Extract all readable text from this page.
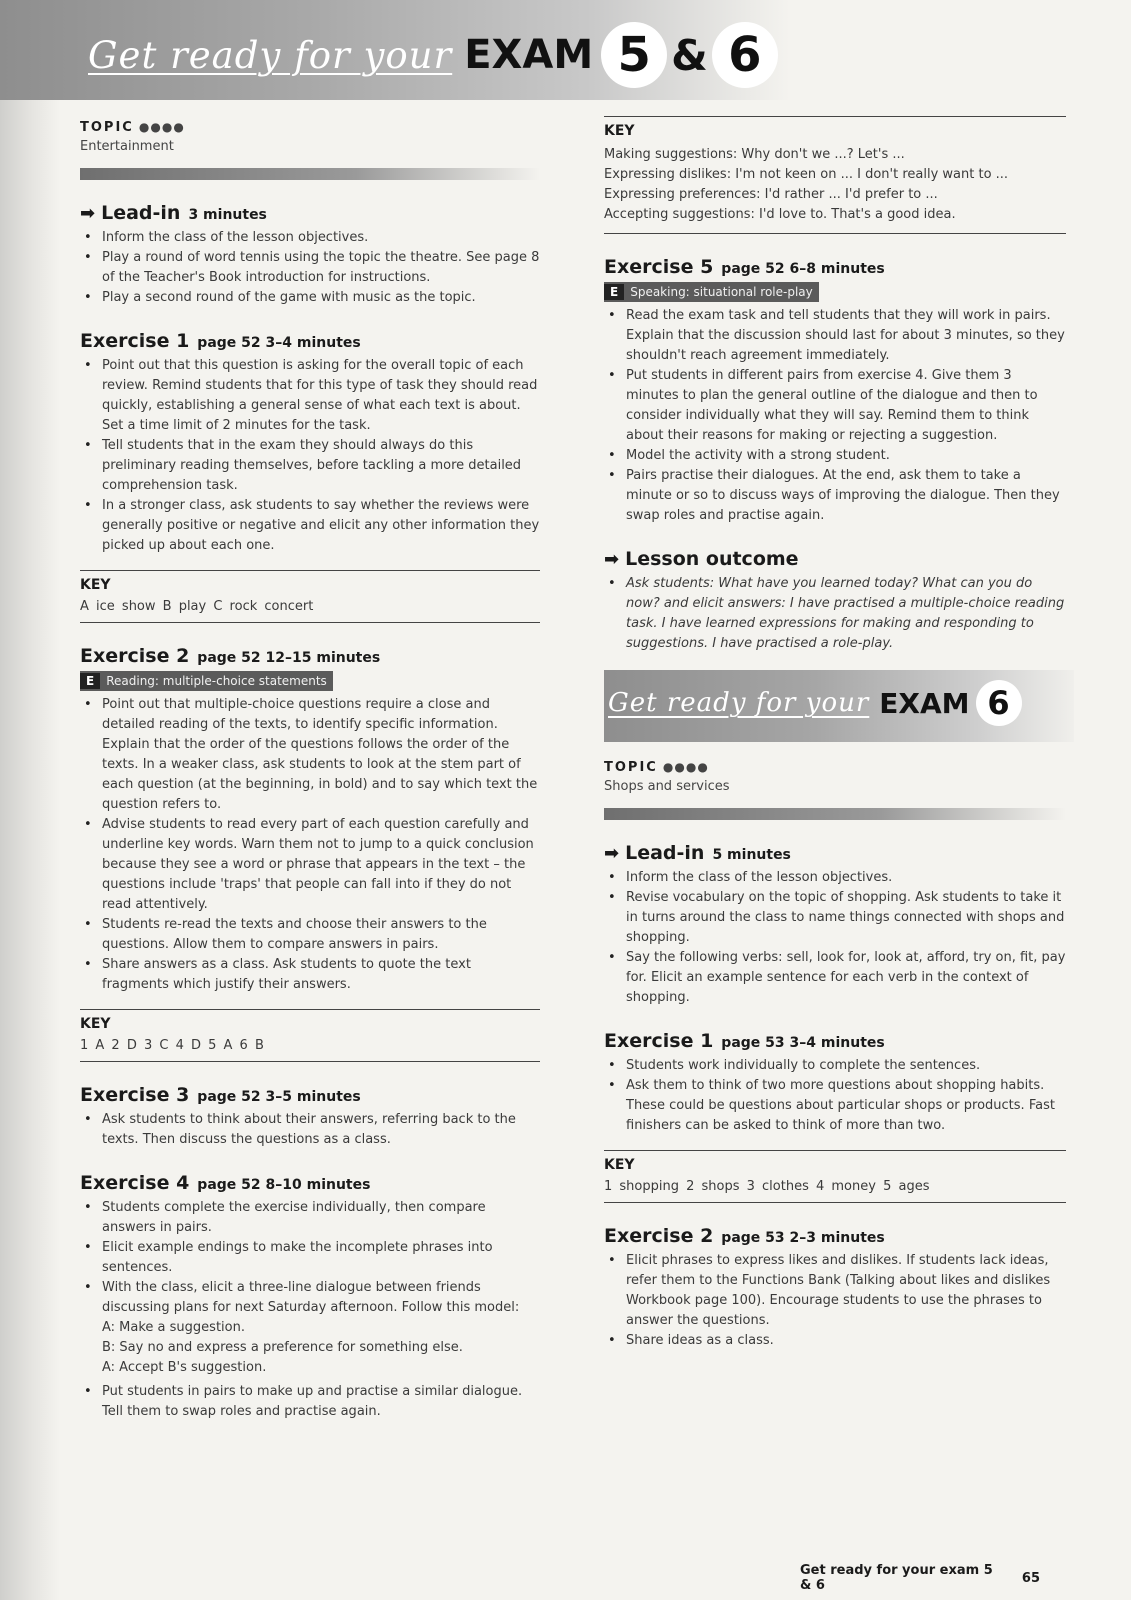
Get ready for your EXAM 5 & 6
TOPIC ●●●●
Entertainment
➡ Lead-in 3 minutes
• Inform the class of the lesson objectives.
• Play a round of word tennis using the topic the theatre. See page 8 of the Teacher's Book introduction for instructions.
• Play a second round of the game with music as the topic.
Exercise 1 page 52 3–4 minutes
• Point out that this question is asking for the overall topic of each review. Remind students that for this type of task they should read quickly, establishing a general sense of what each text is about. Set a time limit of 2 minutes for the task.
• Tell students that in the exam they should always do this preliminary reading themselves, before tackling a more detailed comprehension task.
• In a stronger class, ask students to say whether the reviews were generally positive or negative and elicit any other information they picked up about each one.
KEY
A ice show B play C rock concert
Exercise 2 page 52 12–15 minutes
E	Reading: multiple-choice statements
• Point out that multiple-choice questions require a close and detailed reading of the texts, to identify specific information. Explain that the order of the questions follows the order of the texts. In a weaker class, ask students to look at the stem part of each question (at the beginning, in bold) and to say which text the question refers to.
• Advise students to read every part of each question carefully and underline key words. Warn them not to jump to a quick conclusion because they see a word or phrase that appears in the text – the questions include 'traps' that people can fall into if they do not read attentively.
• Students re-read the texts and choose their answers to the questions. Allow them to compare answers in pairs.
• Share answers as a class. Ask students to quote the text fragments which justify their answers.
KEY
1 A 2 D 3 C 4 D 5 A 6 B
Exercise 3 page 52 3–5 minutes
• Ask students to think about their answers, referring back to the texts. Then discuss the questions as a class.
Exercise 4 page 52 8–10 minutes
• Students complete the exercise individually, then compare answers in pairs.
• Elicit example endings to make the incomplete phrases into sentences.
• With the class, elicit a three-line dialogue between friends discussing plans for next Saturday afternoon. Follow this model:
A: Make a suggestion.
B: Say no and express a preference for something else.
A: Accept B's suggestion.
• Put students in pairs to make up and practise a similar dialogue. Tell them to swap roles and practise again.
KEY
Making suggestions: Why don't we ...? Let's ...
Expressing dislikes: I'm not keen on ... I don't really want to ...
Expressing preferences: I'd rather ... I'd prefer to ...
Accepting suggestions: I'd love to. That's a good idea.
Exercise 5 page 52 6–8 minutes
E	Speaking: situational role-play
• Read the exam task and tell students that they will work in pairs. Explain that the discussion should last for about 3 minutes, so they shouldn't reach agreement immediately.
• Put students in different pairs from exercise 4. Give them 3 minutes to plan the general outline of the dialogue and then to consider individually what they will say. Remind them to think about their reasons for making or rejecting a suggestion.
• Model the activity with a strong student.
• Pairs practise their dialogues. At the end, ask them to take a minute or so to discuss ways of improving the dialogue. Then they swap roles and practise again.
➡ Lesson outcome
• Ask students: What have you learned today? What can you do now? and elicit answers: I have practised a multiple-choice reading task. I have learned expressions for making and responding to suggestions. I have practised a role-play.
Get ready for your EXAM 6
TOPIC ●●●●
Shops and services
➡ Lead-in 5 minutes
• Inform the class of the lesson objectives.
• Revise vocabulary on the topic of shopping. Ask students to take it in turns around the class to name things connected with shops and shopping.
• Say the following verbs: sell, look for, look at, afford, try on, fit, pay for. Elicit an example sentence for each verb in the context of shopping.
Exercise 1 page 53 3–4 minutes
• Students work individually to complete the sentences.
• Ask them to think of two more questions about shopping habits. These could be questions about particular shops or products. Fast finishers can be asked to think of more than two.
KEY
1 shopping 2 shops 3 clothes 4 money 5 ages
Exercise 2 page 53 2–3 minutes
• Elicit phrases to express likes and dislikes. If students lack ideas, refer them to the Functions Bank (Talking about likes and dislikes Workbook page 100). Encourage students to use the phrases to answer the questions.
• Share ideas as a class.
Get ready for your exam 5 & 6	65
